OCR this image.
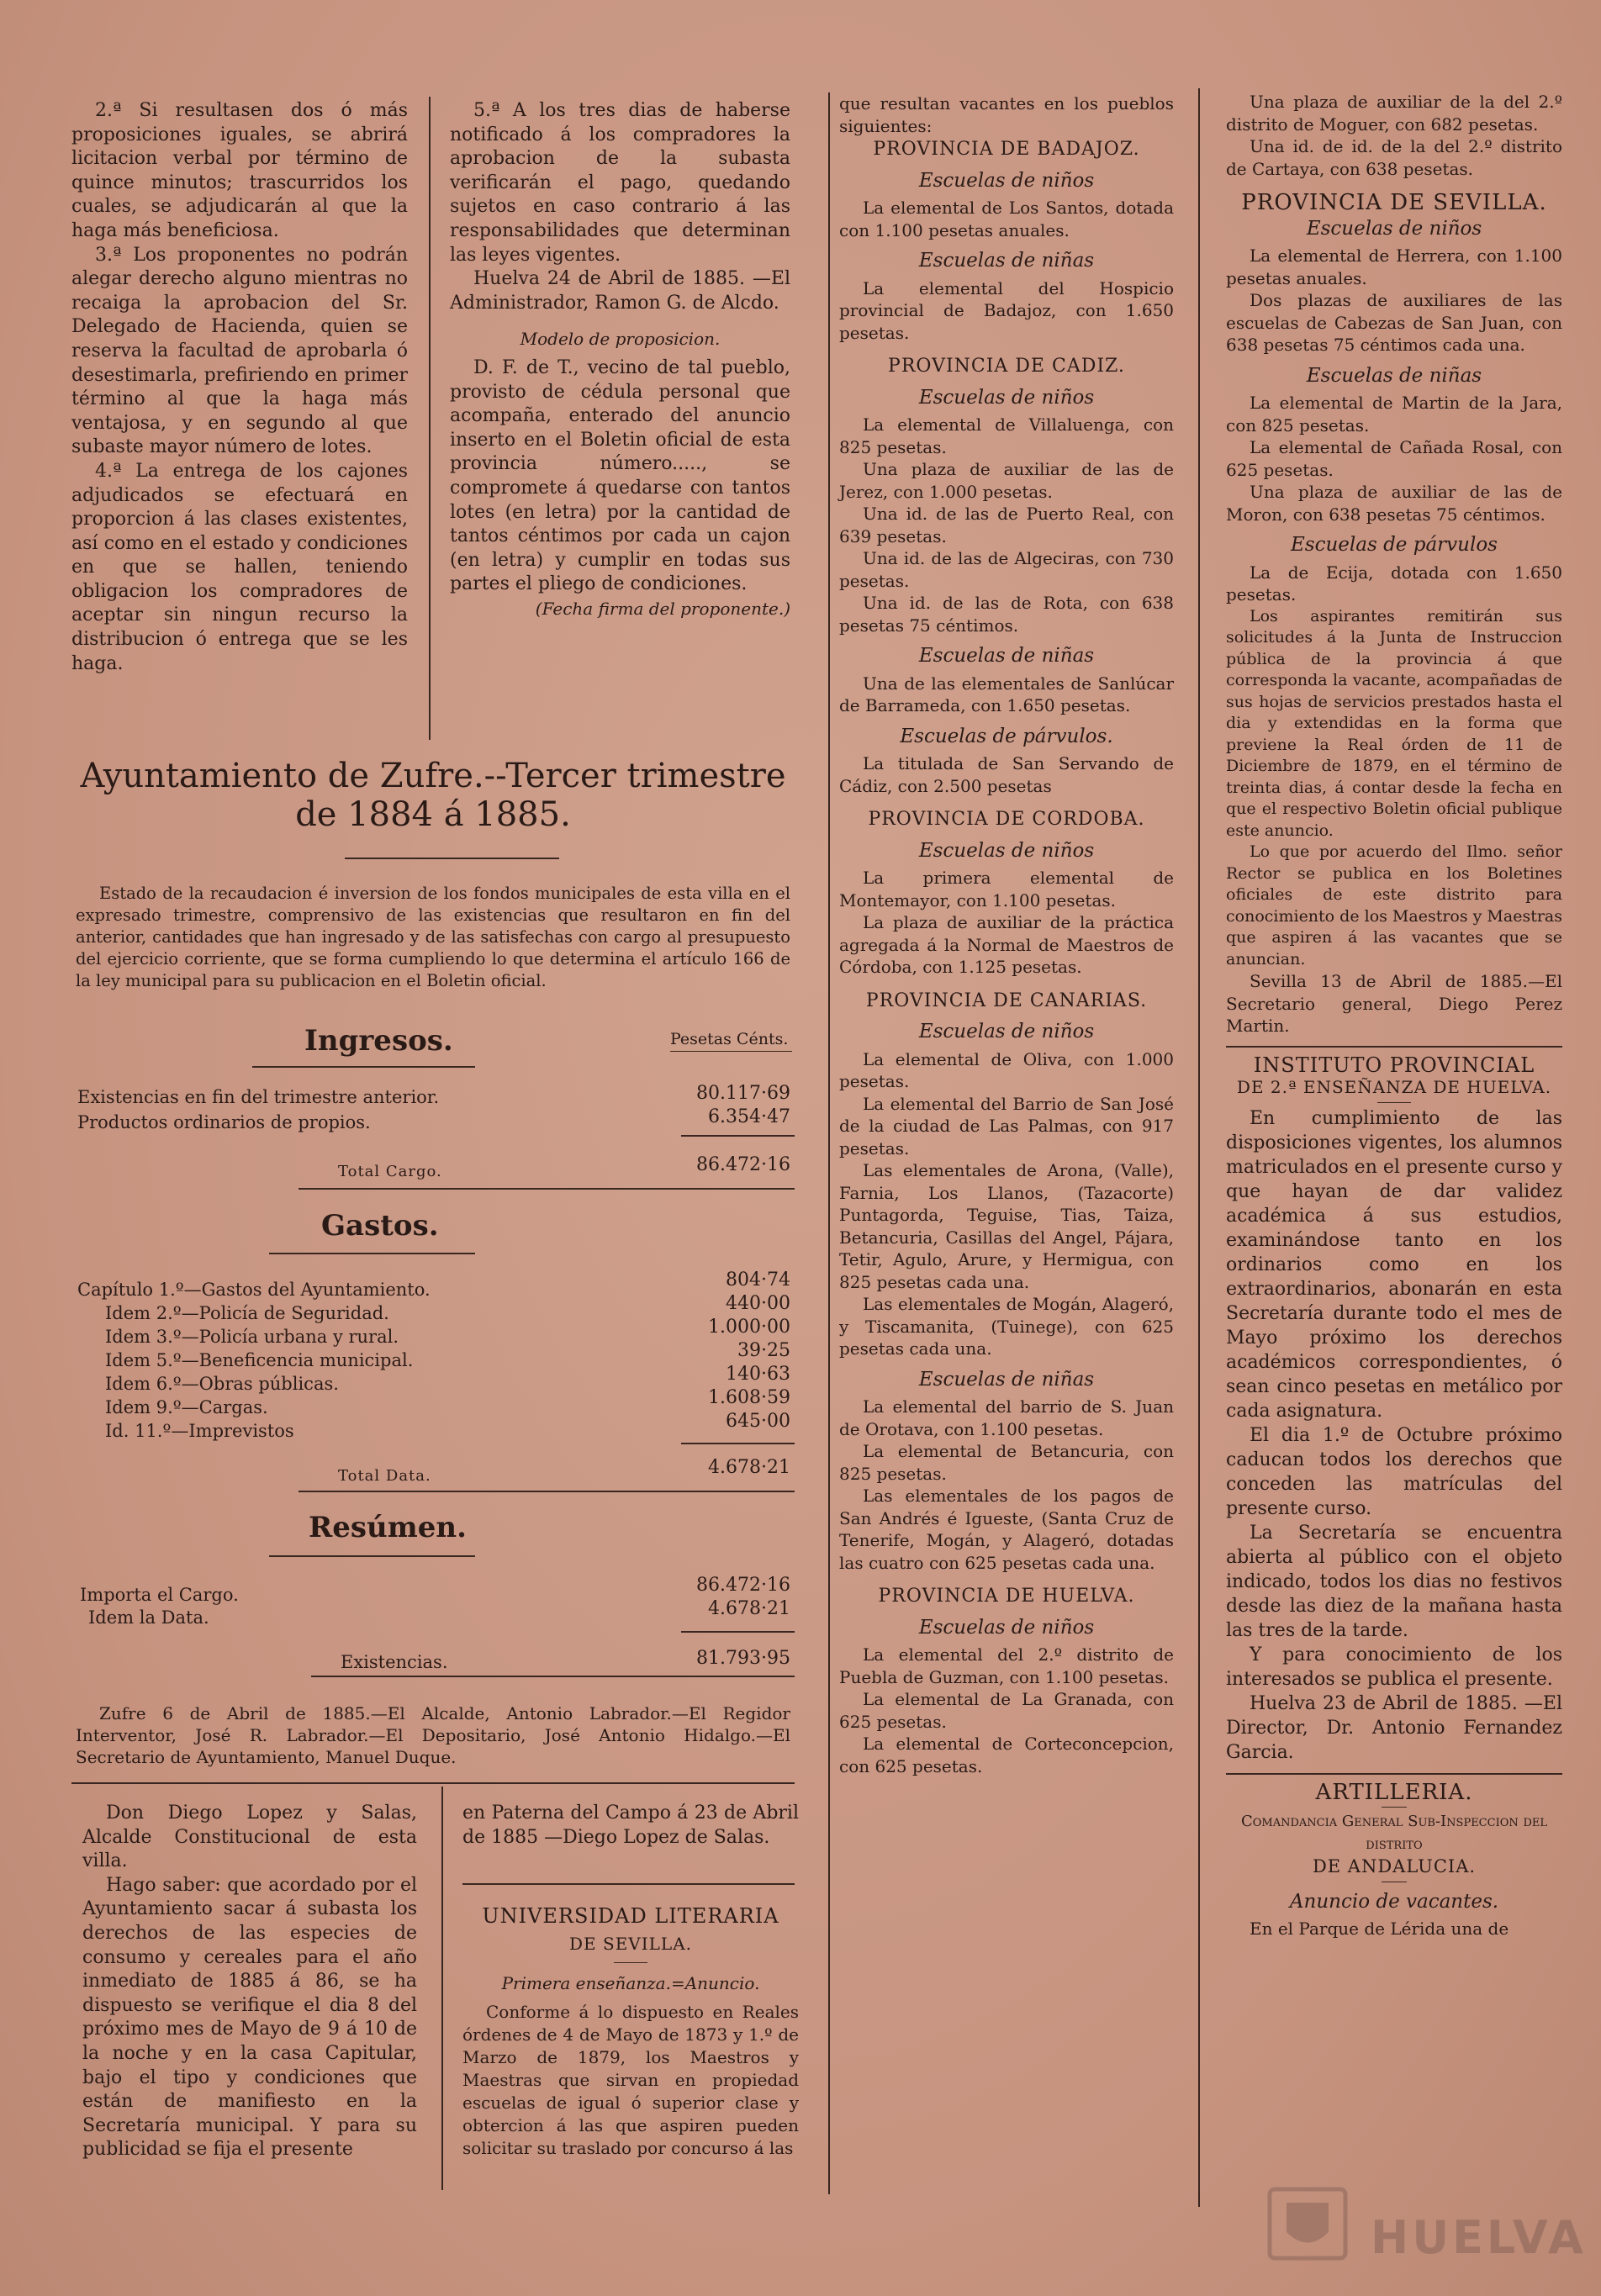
2.ª Si resultasen dos ó más proposiciones iguales, se abrirá licitacion verbal por término de quince minutos; trascurridos los cuales, se adjudicarán al que la haga más beneficiosa.

3.ª Los proponentes no podrán alegar derecho alguno mientras no recaiga la aprobacion del Sr. Delegado de Hacienda, quien se reserva la facultad de aprobarla ó desestimarla, prefiriendo en primer término al que la haga más ventajosa, y en segundo al que subaste mayor número de lotes.

4.ª La entrega de los cajones adjudicados se efectuará en proporcion á las clases existentes, así como en el estado y condiciones en que se hallen, teniendo obligacion los compradores de aceptar sin ningun recurso la distribucion ó entrega que se les haga.

5.ª A los tres dias de haberse notificado á los compradores la aprobacion de la subasta verificarán el pago, quedando sujetos en caso contrario á las responsabilidades que determinan las leyes vigentes.

Huelva 24 de Abril de 1885. —El Administrador, Ramon G. de Alcdo.

Modelo de proposicion.

D. F. de T., vecino de tal pueblo, provisto de cédula personal que acompaña, enterado del anuncio inserto en el Boletin oficial de esta provincia número....., se compromete á quedarse con tantos lotes (en letra) por la cantidad de tantos céntimos por cada un cajon (en letra) y cumplir en todas sus partes el pliego de condiciones.

(Fecha firma del proponente.)
Ayuntamiento de Zufre.--Tercer trimestre de 1884 á 1885.

Estado de la recaudacion é inversion de los fondos municipales de esta villa en el expresado trimestre, comprensivo de las existencias que resultaron en fin del anterior, cantidades que han ingresado y de las satisfechas con cargo al presupuesto del ejercicio corriente, que se forma cumpliendo lo que determina el artículo 166 de la ley municipal para su publicacion en el Boletin oficial.

Ingresos.	Pesetas Cénts.
Existencias en fin del trimestre anterior.	80.117·69
Productos ordinarios de propios.	6.354·47
Total Cargo.	86.472·16
Gastos.
Capítulo 1.º—Gastos del Ayuntamiento.	804·74
Idem 2.º—Policía de Seguridad.	440·00
Idem 3.º—Policía urbana y rural.	1.000·00
Idem 5.º—Beneficencia municipal.	39·25
Idem 6.º—Obras públicas.	140·63
Idem 9.º—Cargas.	1.608·59
Id. 11.º—Imprevistos	645·00
Total Data.	4.678·21
Resúmen.
Importa el Cargo.	86.472·16
Idem la Data.	4.678·21
Existencias.	81.793·95

Zufre 6 de Abril de 1885.—El Alcalde, Antonio Labrador.—El Regidor Interventor, José R. Labrador.—El Depositario, José Antonio Hidalgo.—El Secretario de Ayuntamiento, Manuel Duque.

Don Diego Lopez y Salas, Alcalde Constitucional de esta villa.

Hago saber: que acordado por el Ayuntamiento sacar á subasta los derechos de las especies de consumo y cereales para el año inmediato de 1885 á 86, se ha dispuesto se verifique el dia 8 del próximo mes de Mayo de 9 á 10 de la noche y en la casa Capitular, bajo el tipo y condiciones que están de manifiesto en la Secretaría municipal. Y para su publicidad se fija el presente

en Paterna del Campo á 23 de Abril de 1885 —Diego Lopez de Salas.

UNIVERSIDAD LITERARIA
DE SEVILLA.
Primera enseñanza.=Anuncio.

Conforme á lo dispuesto en Reales órdenes de 4 de Mayo de 1873 y 1.º de Marzo de 1879, los Maestros y Maestras que sirvan en propiedad escuelas de igual ó superior clase y obtercion á las que aspiren pueden solicitar su traslado por concurso á las

que resultan vacantes en los pueblos siguientes:

PROVINCIA DE BADAJOZ.
Escuelas de niños

La elemental de Los Santos, dotada con 1.100 pesetas anuales.

Escuelas de niñas

La elemental del Hospicio provincial de Badajoz, con 1.650 pesetas.

PROVINCIA DE CADIZ.
Escuelas de niños

La elemental de Villaluenga, con 825 pesetas.

Una plaza de auxiliar de las de Jerez, con 1.000 pesetas.

Una id. de las de Puerto Real, con 639 pesetas.

Una id. de las de Algeciras, con 730 pesetas.

Una id. de las de Rota, con 638 pesetas 75 céntimos.

Escuelas de niñas

Una de las elementales de Sanlúcar de Barrameda, con 1.650 pesetas.

Escuelas de párvulos.

La titulada de San Servando de Cádiz, con 2.500 pesetas

PROVINCIA DE CORDOBA.
Escuelas de niños

La primera elemental de Montemayor, con 1.100 pesetas.

La plaza de auxiliar de la práctica agregada á la Normal de Maestros de Córdoba, con 1.125 pesetas.

PROVINCIA DE CANARIAS.
Escuelas de niños

La elemental de Oliva, con 1.000 pesetas.

La elemental del Barrio de San José de la ciudad de Las Palmas, con 917 pesetas.

Las elementales de Arona, (Valle), Farnia, Los Llanos, (Tazacorte) Puntagorda, Teguise, Tias, Taiza, Betancuria, Casillas del Angel, Pájara, Tetir, Agulo, Arure, y Hermigua, con 825 pesetas cada una.

Las elementales de Mogán, Alageró, y Tiscamanita, (Tuinege), con 625 pesetas cada una.

Escuelas de niñas

La elemental del barrio de S. Juan de Orotava, con 1.100 pesetas.

La elemental de Betancuria, con 825 pesetas.

Las elementales de los pagos de San Andrés é Igueste, (Santa Cruz de Tenerife, Mogán, y Alageró, dotadas las cuatro con 625 pesetas cada una.

PROVINCIA DE HUELVA.
Escuelas de niños

La elemental del 2.º distrito de Puebla de Guzman, con 1.100 pesetas.

La elemental de La Granada, con 625 pesetas.

La elemental de Corteconcepcion, con 625 pesetas.

Una plaza de auxiliar de la del 2.º distrito de Moguer, con 682 pesetas.

Una id. de id. de la del 2.º distrito de Cartaya, con 638 pesetas.

PROVINCIA DE SEVILLA.
Escuelas de niños

La elemental de Herrera, con 1.100 pesetas anuales.

Dos plazas de auxiliares de las escuelas de Cabezas de San Juan, con 638 pesetas 75 céntimos cada una.

Escuelas de niñas

La elemental de Martin de la Jara, con 825 pesetas.

La elemental de Cañada Rosal, con 625 pesetas.

Una plaza de auxiliar de las de Moron, con 638 pesetas 75 céntimos.

Escuelas de párvulos

La de Ecija, dotada con 1.650 pesetas.

Los aspirantes remitirán sus solicitudes á la Junta de Instruccion pública de la provincia á que corresponda la vacante, acompañadas de sus hojas de servicios prestados hasta el dia y extendidas en la forma que previene la Real órden de 11 de Diciembre de 1879, en el término de treinta dias, á contar desde la fecha en que el respectivo Boletin oficial publique este anuncio.

Lo que por acuerdo del Ilmo. señor Rector se publica en los Boletines oficiales de este distrito para conocimiento de los Maestros y Maestras que aspiren á las vacantes que se anuncian.

Sevilla 13 de Abril de 1885.—El Secretario general, Diego Perez Martin.

INSTITUTO PROVINCIAL
DE 2.ª ENSEÑANZA DE HUELVA.

En cumplimiento de las disposiciones vigentes, los alumnos matriculados en el presente curso y que hayan de dar validez académica á sus estudios, examinándose tanto en los ordinarios como en los extraordinarios, abonarán en esta Secretaría durante todo el mes de Mayo próximo los derechos académicos correspondientes, ó sean cinco pesetas en metálico por cada asignatura.

El dia 1.º de Octubre próximo caducan todos los derechos que conceden las matrículas del presente curso.

La Secretaría se encuentra abierta al público con el objeto indicado, todos los dias no festivos desde las diez de la mañana hasta las tres de la tarde.

Y para conocimiento de los interesados se publica el presente.

Huelva 23 de Abril de 1885. —El Director, Dr. Antonio Fernandez Garcia.

ARTILLERIA.
Comandancia General Sub-Inspeccion del distrito
DE ANDALUCIA.
Anuncio de vacantes.

En el Parque de Lérida una de

HUELVA
